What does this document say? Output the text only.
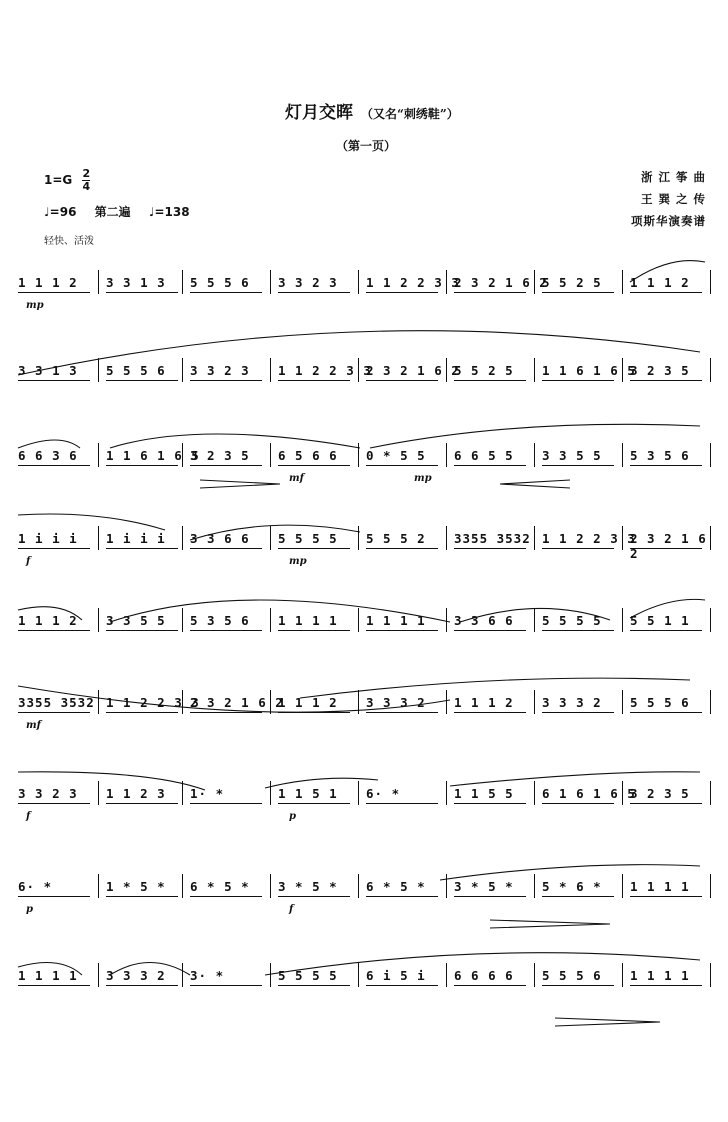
灯月交晖 （又名“刺绣鞋”）
（第一页）
$1=G \frac{2}{4}$
♩=96 第二遍 ♩=138
轻快、活泼
浙 江 筝 曲
王 巽 之 传
项斯华演奏谱
1 1 1 2 3 3 1 3 5 5 5 6 3 3 2 3 1 1 2 2 3 3
2 3 2 1 6 2
5 5 2 5 1 1 1 2
mp
3 3 1 3 5 5 5 6 3 3 2 3 1 1 2 2 3 3
2 3 2 1 6 2
5 5 2 5 1 1 6 1 6 5
3 2 3 5
6 6 3 6 1 1 6 1 6 5
3 2 3 5 6 5 6 6 0 * 5 5 6 6 5 5 3 3 5 5 5 3 5 6
mf	mp
1 i i i 1 i i i 3 3 6 6 5 5 5 5 5 5 5 2 3355 3532 1 1 2 2 3 3
2 3 2 1 6 2
f	mp
1 1 1 2 3 3 5 5 5 3 5 6 1 1 1 1 1 1 1 1 3 3 6 6 5 5 5 5 5 5 1 1
3355 3532 1 1 2 2 3 3
2 3 2 1 6 2
1 1 1 2 3 3 3 2 1 1 1 2 3 3 3 2 5 5 5 6
mf
3 3 2 3 1 1 2 3 1· *	1 1 5 1 6· *	1 1 5 5 6 1 6 1 6 5
3 2 3 5
f	p
6· *	1 * 5 * 6 * 5 * 3 * 5 * 6 * 5 * 3 * 5 * 5 * 6 * 1 1 1 1
p	f
1 1 1 1 3 3 3 2 3· *	5 5 5 5 6 i 5 i 6 6 6 6 5 5 5 6 1 1 1 1
